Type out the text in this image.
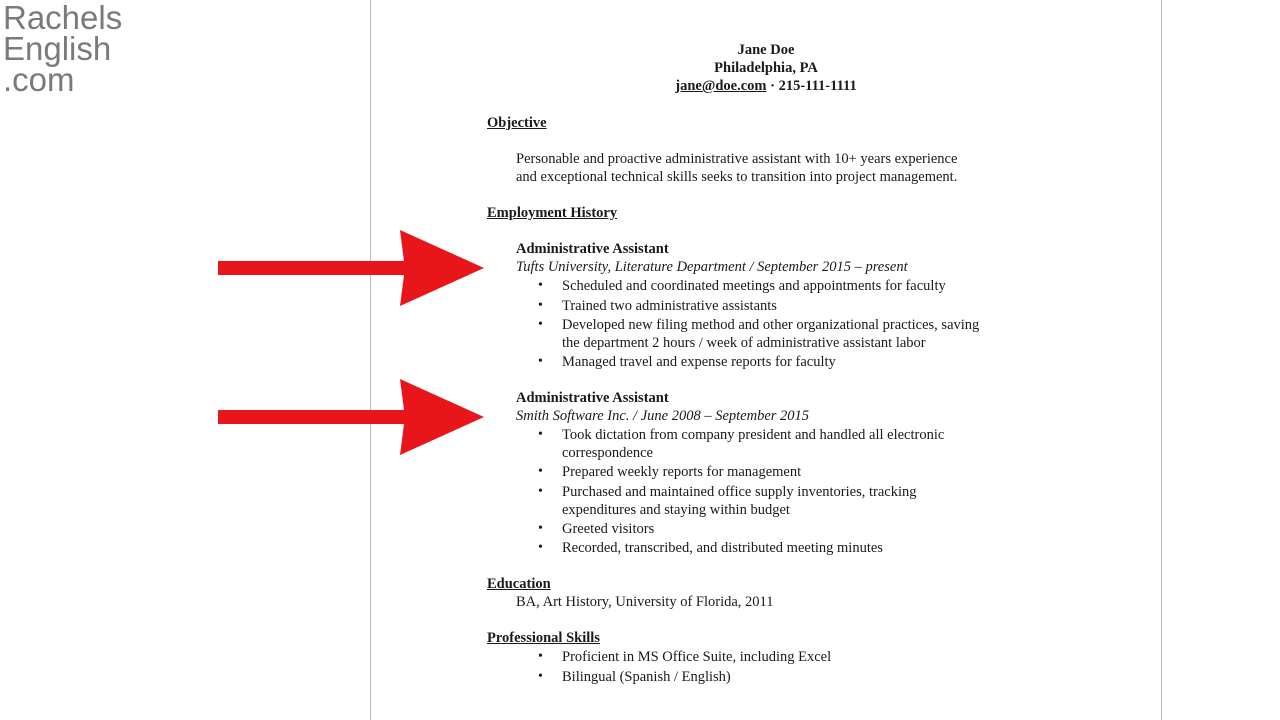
Rachels
English
.com
Jane Doe
Philadelphia, PA
jane@doe.com · 215-111-1111
Objective
Personable and proactive administrative assistant with 10+ years experience
and exceptional technical skills seeks to transition into project management.
Employment History
Administrative Assistant
Tufts University, Literature Department / September 2015 – present
• Scheduled and coordinated meetings and appointments for faculty
• Trained two administrative assistants
• Developed new filing method and other organizational practices, saving
the department 2 hours / week of administrative assistant labor
• Managed travel and expense reports for faculty
Administrative Assistant
Smith Software Inc. / June 2008 – September 2015
• Took dictation from company president and handled all electronic
correspondence
• Prepared weekly reports for management
• Purchased and maintained office supply inventories, tracking
expenditures and staying within budget
• Greeted visitors
• Recorded, transcribed, and distributed meeting minutes
Education
BA, Art History, University of Florida, 2011
Professional Skills
• Proficient in MS Office Suite, including Excel
• Bilingual (Spanish / English)
